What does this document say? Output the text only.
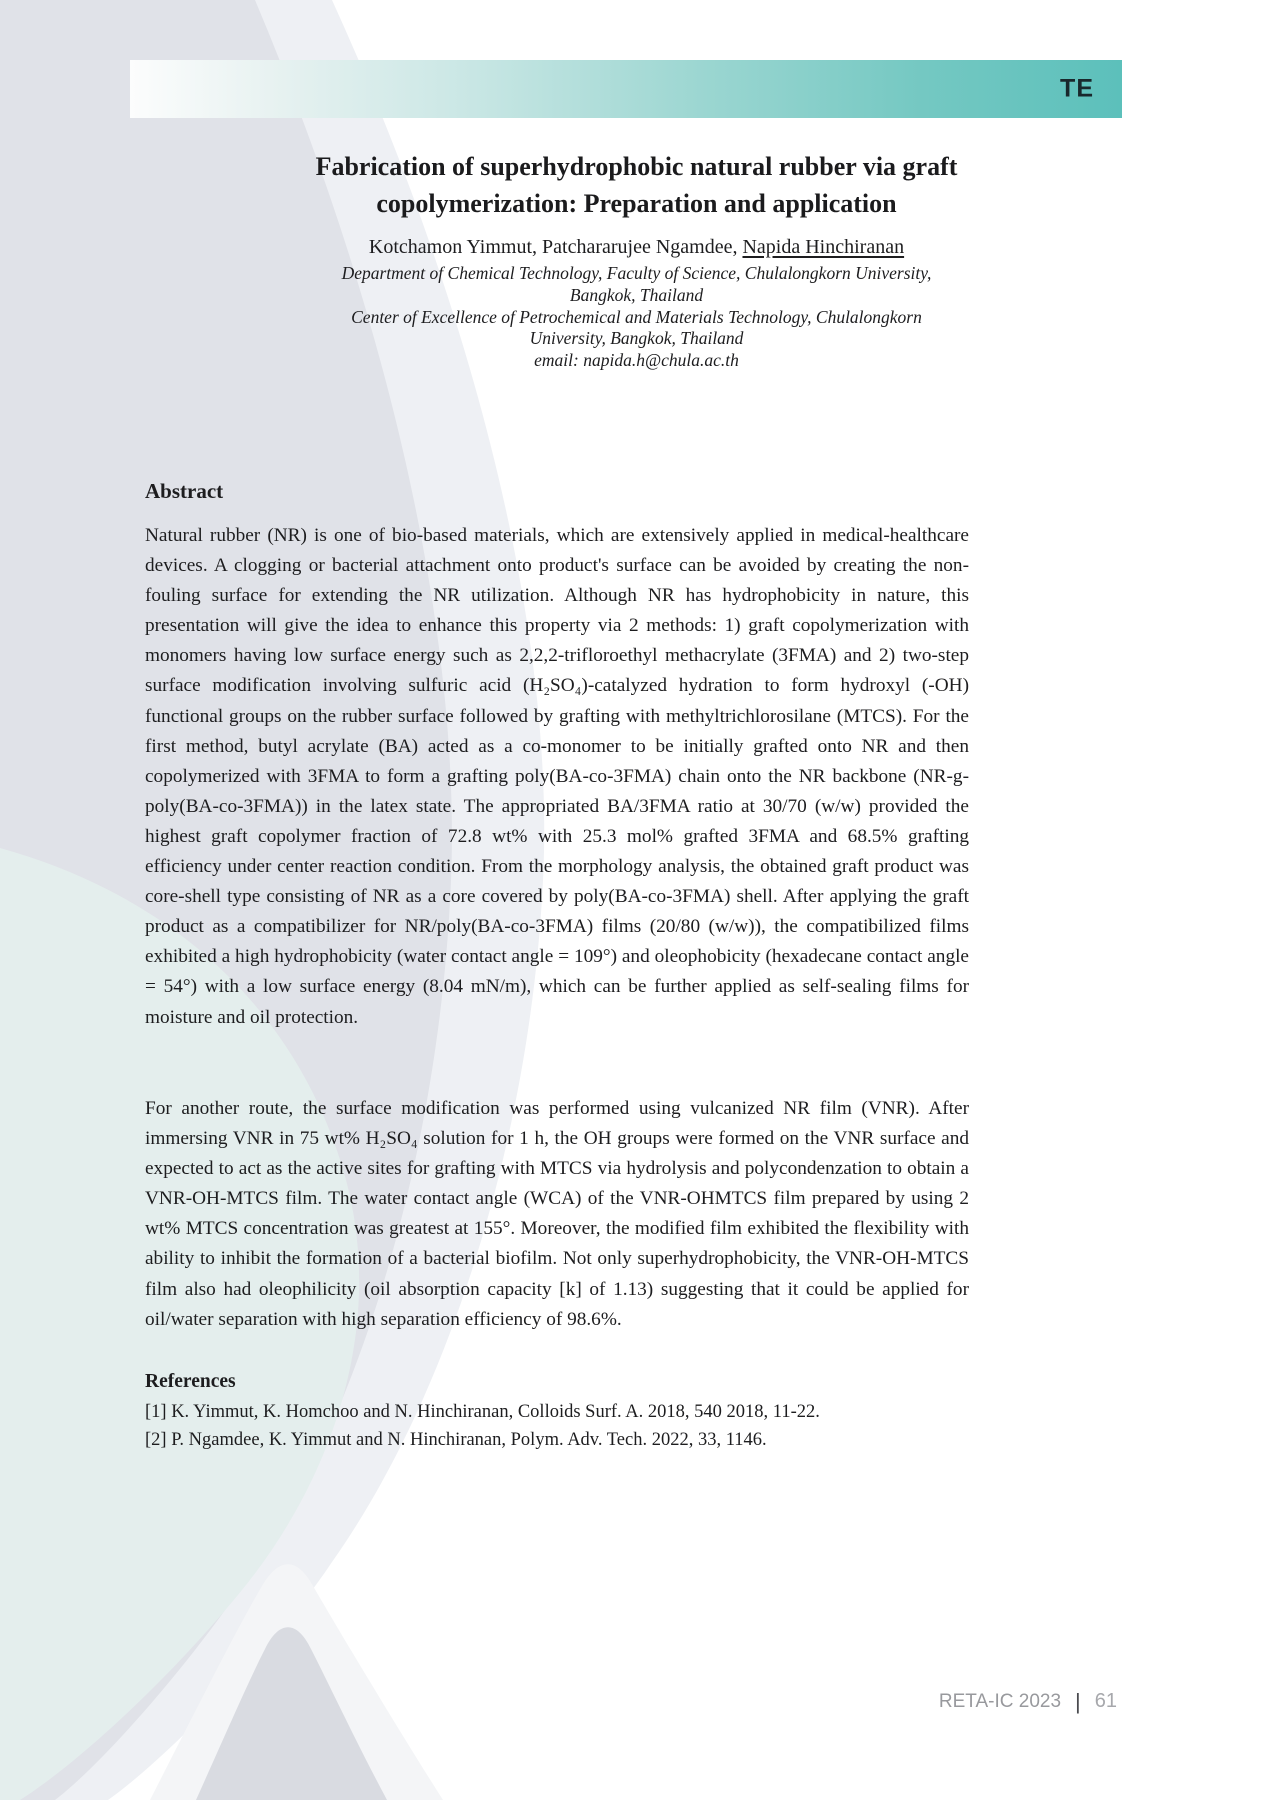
TE
Fabrication of superhydrophobic natural rubber via graft copolymerization: Preparation and application
Kotchamon Yimmut, Patchararujee Ngamdee, Napida Hinchiranan
Department of Chemical Technology, Faculty of Science, Chulalongkorn University,
Bangkok, Thailand
Center of Excellence of Petrochemical and Materials Technology, Chulalongkorn
University, Bangkok, Thailand
email: napida.h@chula.ac.th
Abstract

Natural rubber (NR) is one of bio-based materials, which are extensively applied in medical-healthcare devices. A clogging or bacterial attachment onto product's surface can be avoided by creating the non-fouling surface for extending the NR utilization. Although NR has hydrophobicity in nature, this presentation will give the idea to enhance this property via 2 methods: 1) graft copolymerization with monomers having low surface energy such as 2,2,2-trifloroethyl methacrylate (3FMA) and 2) two-step surface modification involving sulfuric acid (H₂SO₄)-catalyzed hydration to form hydroxyl (-OH) functional groups on the rubber surface followed by grafting with methyltrichlorosilane (MTCS). For the first method, butyl acrylate (BA) acted as a co-monomer to be initially grafted onto NR and then copolymerized with 3FMA to form a grafting poly(BA-co-3FMA) chain onto the NR backbone (NR-g-poly(BA-co-3FMA)) in the latex state. The appropriated BA/3FMA ratio at 30/70 (w/w) provided the highest graft copolymer fraction of 72.8 wt% with 25.3 mol% grafted 3FMA and 68.5% grafting efficiency under center reaction condition. From the morphology analysis, the obtained graft product was core-shell type consisting of NR as a core covered by poly(BA-co-3FMA) shell. After applying the graft product as a compatibilizer for NR/poly(BA-co-3FMA) films (20/80 (w/w)), the compatibilized films exhibited a high hydrophobicity (water contact angle = 109°) and oleophobicity (hexadecane contact angle = 54°) with a low surface energy (8.04 mN/m), which can be further applied as self-sealing films for moisture and oil protection.

For another route, the surface modification was performed using vulcanized NR film (VNR). After immersing VNR in 75 wt% H₂SO₄ solution for 1 h, the OH groups were formed on the VNR surface and expected to act as the active sites for grafting with MTCS via hydrolysis and polycondenzation to obtain a VNR-OH-MTCS film. The water contact angle (WCA) of the VNR-OHMTCS film prepared by using 2 wt% MTCS concentration was greatest at 155°. Moreover, the modified film exhibited the flexibility with ability to inhibit the formation of a bacterial biofilm. Not only superhydrophobicity, the VNR-OH-MTCS film also had oleophilicity (oil absorption capacity [k] of 1.13) suggesting that it could be applied for oil/water separation with high separation efficiency of 98.6%.

References

[1] K. Yimmut, K. Homchoo and N. Hinchiranan, Colloids Surf. A. 2018, 540 2018, 11-22.

[2] P. Ngamdee, K. Yimmut and N. Hinchiranan, Polym. Adv. Tech. 2022, 33, 1146.

RETA-IC 2023 | 61
